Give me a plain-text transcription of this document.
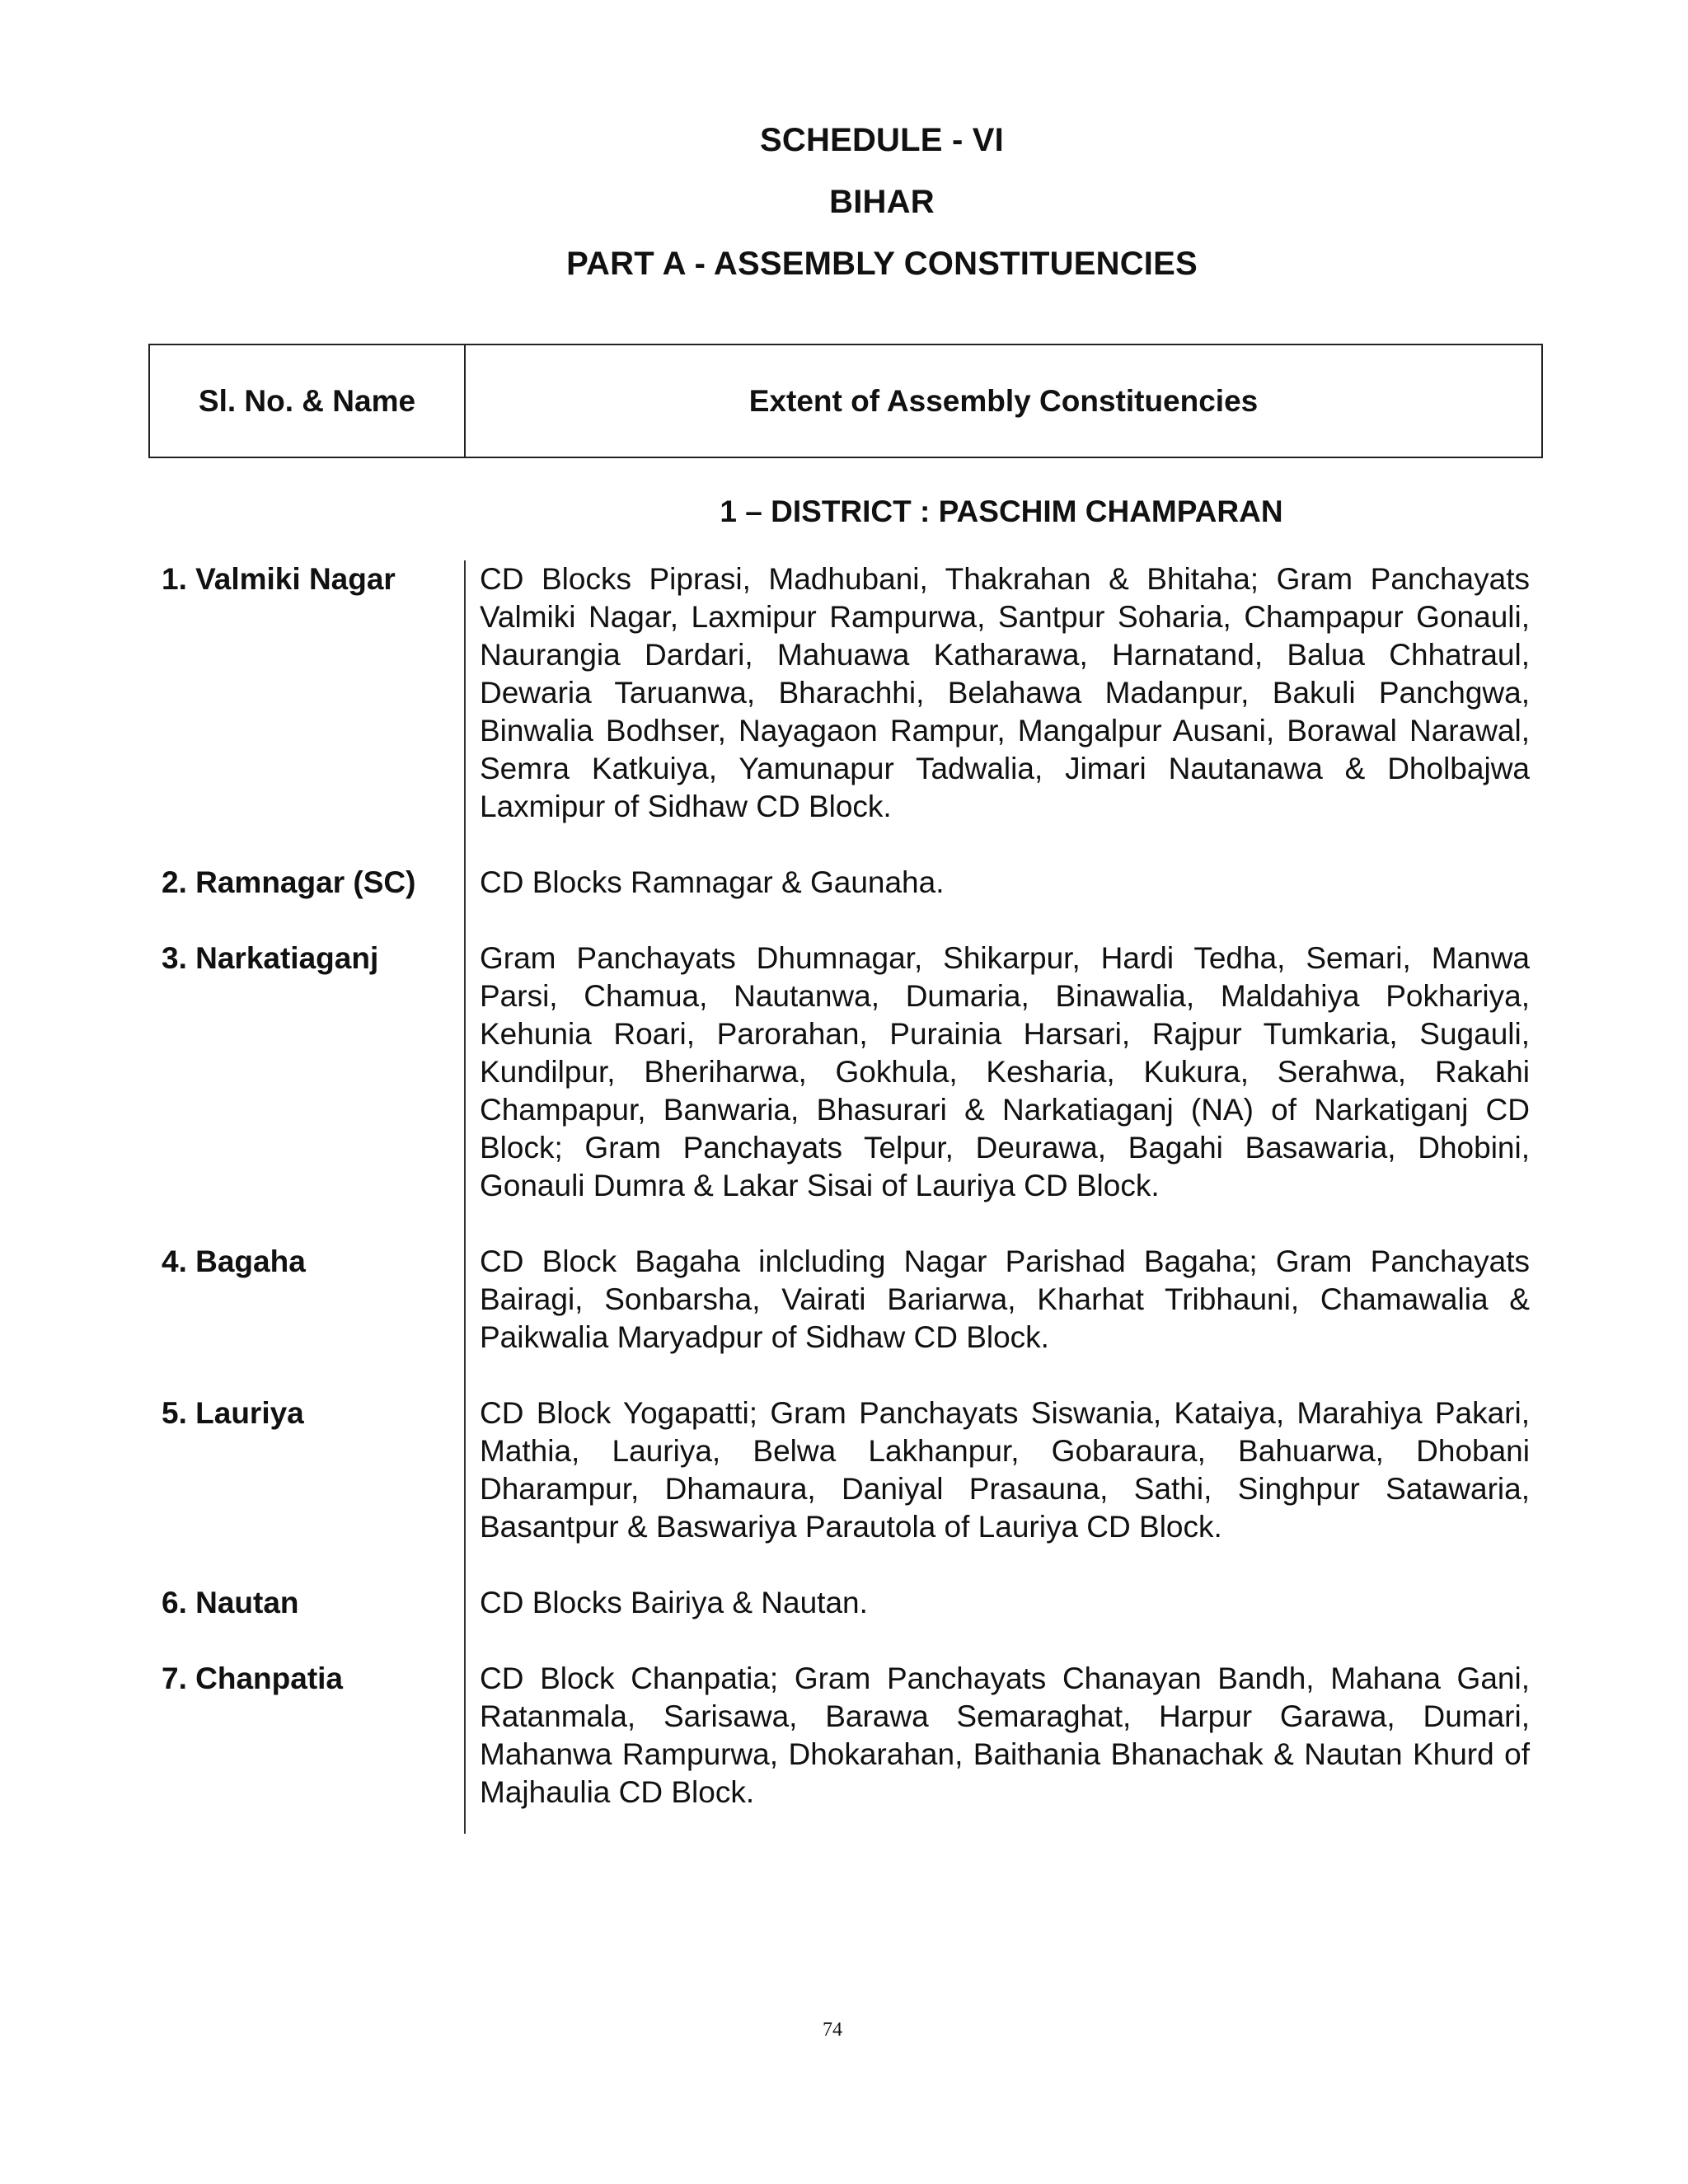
SCHEDULE - VI
BIHAR
PART A - ASSEMBLY CONSTITUENCIES
Sl. No. & Name	Extent of Assembly Constituencies
1 – DISTRICT : PASCHIM CHAMPARAN
1. Valmiki Nagar	CD Blocks Piprasi, Madhubani, Thakrahan & Bhitaha; Gram Panchayats Valmiki Nagar, Laxmipur Rampurwa, Santpur Soharia, Champapur Gonauli, Naurangia Dardari, Mahuawa Katharawa, Harnatand, Balua Chhatraul, Dewaria Taruanwa, Bharachhi, Belahawa Madanpur, Bakuli Panchgwa, Binwalia Bodhser, Nayagaon Rampur, Mangalpur Ausani, Borawal Narawal, Semra Katkuiya, Yamunapur Tadwalia, Jimari Nautanawa & Dholbajwa Laxmipur of Sidhaw CD Block.
2. Ramnagar (SC)	CD Blocks Ramnagar & Gaunaha.
3. Narkatiaganj	Gram Panchayats Dhumnagar, Shikarpur, Hardi Tedha, Semari, Manwa Parsi, Chamua, Nautanwa, Dumaria, Binawalia, Maldahiya Pokhariya, Kehunia Roari, Parorahan, Purainia Harsari, Rajpur Tumkaria, Sugauli, Kundilpur, Bheriharwa, Gokhula, Kesharia, Kukura, Serahwa, Rakahi Champapur, Banwaria, Bhasurari & Narkatiaganj (NA) of Narkatiganj CD Block; Gram Panchayats Telpur, Deurawa, Bagahi Basawaria, Dhobini, Gonauli Dumra & Lakar Sisai of Lauriya CD Block.
4. Bagaha	CD Block Bagaha inlcluding Nagar Parishad Bagaha; Gram Panchayats Bairagi, Sonbarsha, Vairati Bariarwa, Kharhat Tribhauni, Chamawalia & Paikwalia Maryadpur of Sidhaw CD Block.
5. Lauriya	CD Block Yogapatti; Gram Panchayats Siswania, Kataiya, Marahiya Pakari, Mathia, Lauriya, Belwa Lakhanpur, Gobaraura, Bahuarwa, Dhobani Dharampur, Dhamaura, Daniyal Prasauna, Sathi, Singhpur Satawaria, Basantpur & Baswariya Parautola of Lauriya CD Block.
6. Nautan	CD Blocks Bairiya & Nautan.
7. Chanpatia	CD Block Chanpatia; Gram Panchayats Chanayan Bandh, Mahana Gani, Ratanmala, Sarisawa, Barawa Semaraghat, Harpur Garawa, Dumari, Mahanwa Rampurwa, Dhokarahan, Baithania Bhanachak & Nautan Khurd of Majhaulia CD Block.

74
